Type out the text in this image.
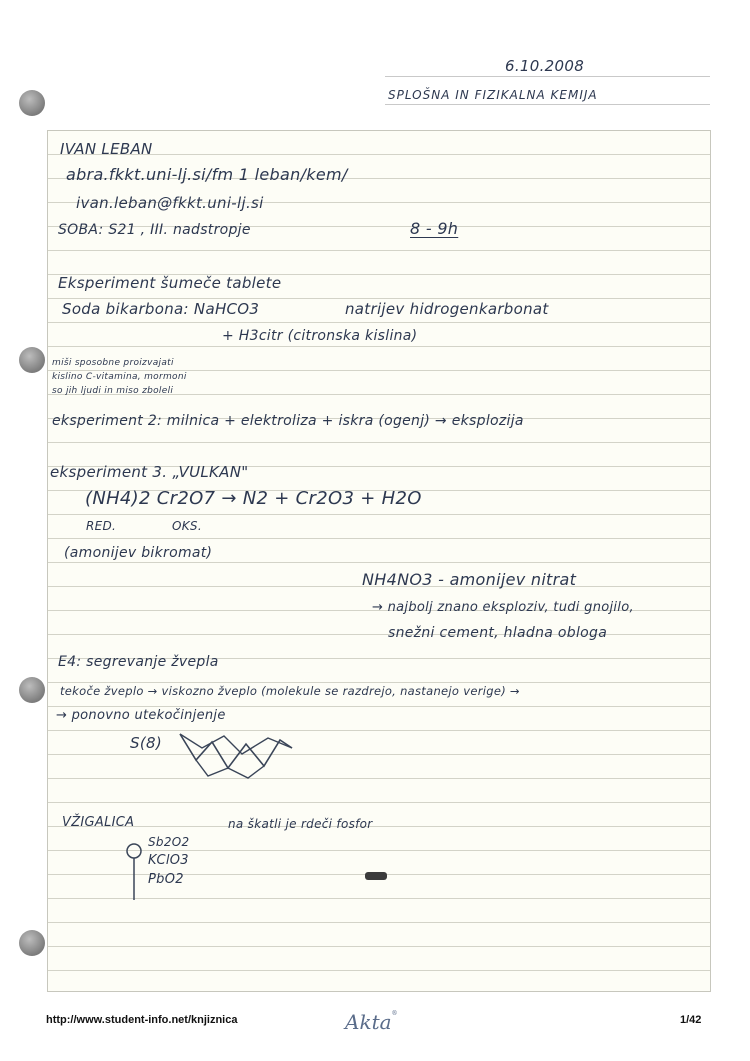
6.10.2008
SPLOŠNA IN FIZIKALNA KEMIJA
IVAN LEBAN
abra.fkkt.uni-lj.si/fm 1 leban/kem/
ivan.leban@fkkt.uni-lj.si
SOBA: S21 , III. nadstropje	8 - 9h
Eksperiment šumeče tablete
Soda bikarbona: NaHCO3	natrijev hidrogenkarbonat
+ H3citr (citronska kislina)
miši sposobne proizvajati
kislino C-vitamina, mormoni
so jih ljudi in miso zboleli
eksperiment 2: milnica + elektroliza + iskra (ogenj) → eksplozija
eksperiment 3. „VULKAN"
(NH4)2 Cr2O7 → N2 + Cr2O3 + H2O
RED.	OKS.
(amonijev bikromat)
NH4NO3 - amonijev nitrat
→ najbolj znano eksploziv, tudi gnojilo,
snežni cement, hladna obloga
E4: segrevanje žvepla
tekoče žveplo → viskozno žveplo (molekule se razdrejo, nastanejo verige) →
→ ponovno utekočinjenje
S(8)
VŽIGALICA	na škatli je rdeči fosfor
Sb2O2
KClO3
PbO2
http://www.student-info.net/knjiznica	Akta®
1/42
